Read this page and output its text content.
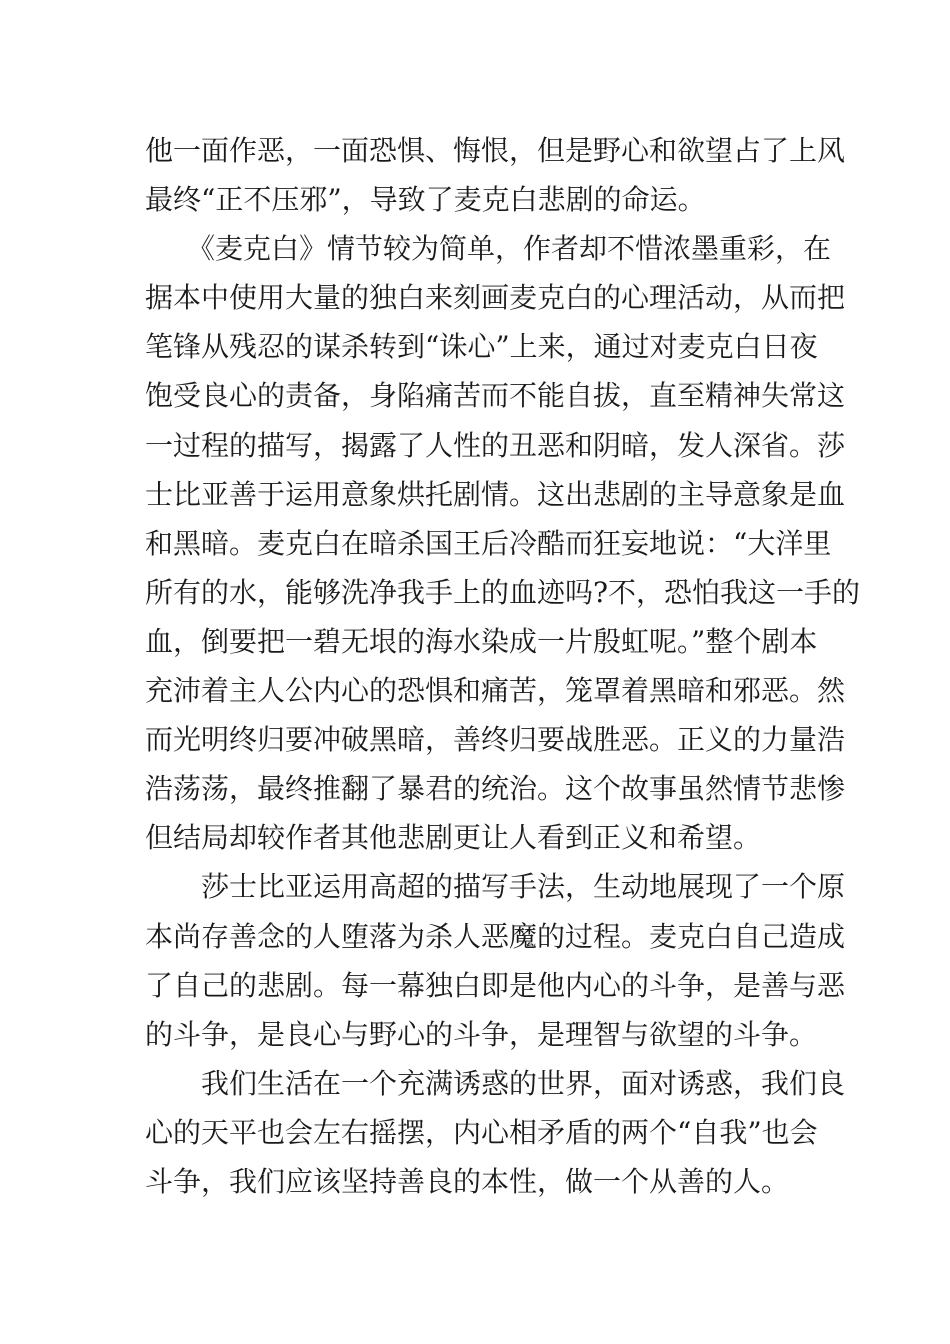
他一面作恶，一面恐惧、悔恨，但是野心和欲望占了上风
最终“正不压邪”，导致了麦克白悲剧的命运。
　　《麦克白》情节较为简单，作者却不惜浓墨重彩，在
据本中使用大量的独白来刻画麦克白的心理活动，从而把
笔锋从残忍的谋杀转到“诛心”上来，通过对麦克白日夜
饱受良心的责备，身陷痛苦而不能自拔，直至精神失常这
一过程的描写，揭露了人性的丑恶和阴暗，发人深省。莎
士比亚善于运用意象烘托剧情。这出悲剧的主导意象是血
和黑暗。麦克白在暗杀国王后冷酷而狂妄地说：“大洋里
所有的水，能够洗净我手上的血迹吗?不，恐怕我这一手的
血，倒要把一碧无垠的海水染成一片殷虹呢。”整个剧本
充沛着主人公内心的恐惧和痛苦，笼罩着黑暗和邪恶。然
而光明终归要冲破黑暗，善终归要战胜恶。正义的力量浩
浩荡荡，最终推翻了暴君的统治。这个故事虽然情节悲惨
但结局却较作者其他悲剧更让人看到正义和希望。
　　莎士比亚运用高超的描写手法，生动地展现了一个原
本尚存善念的人堕落为杀人恶魔的过程。麦克白自己造成
了自己的悲剧。每一幕独白即是他内心的斗争，是善与恶
的斗争，是良心与野心的斗争，是理智与欲望的斗争。
　　我们生活在一个充满诱惑的世界，面对诱惑，我们良
心的天平也会左右摇摆，内心相矛盾的两个“自我”也会
斗争，我们应该坚持善良的本性，做一个从善的人。
